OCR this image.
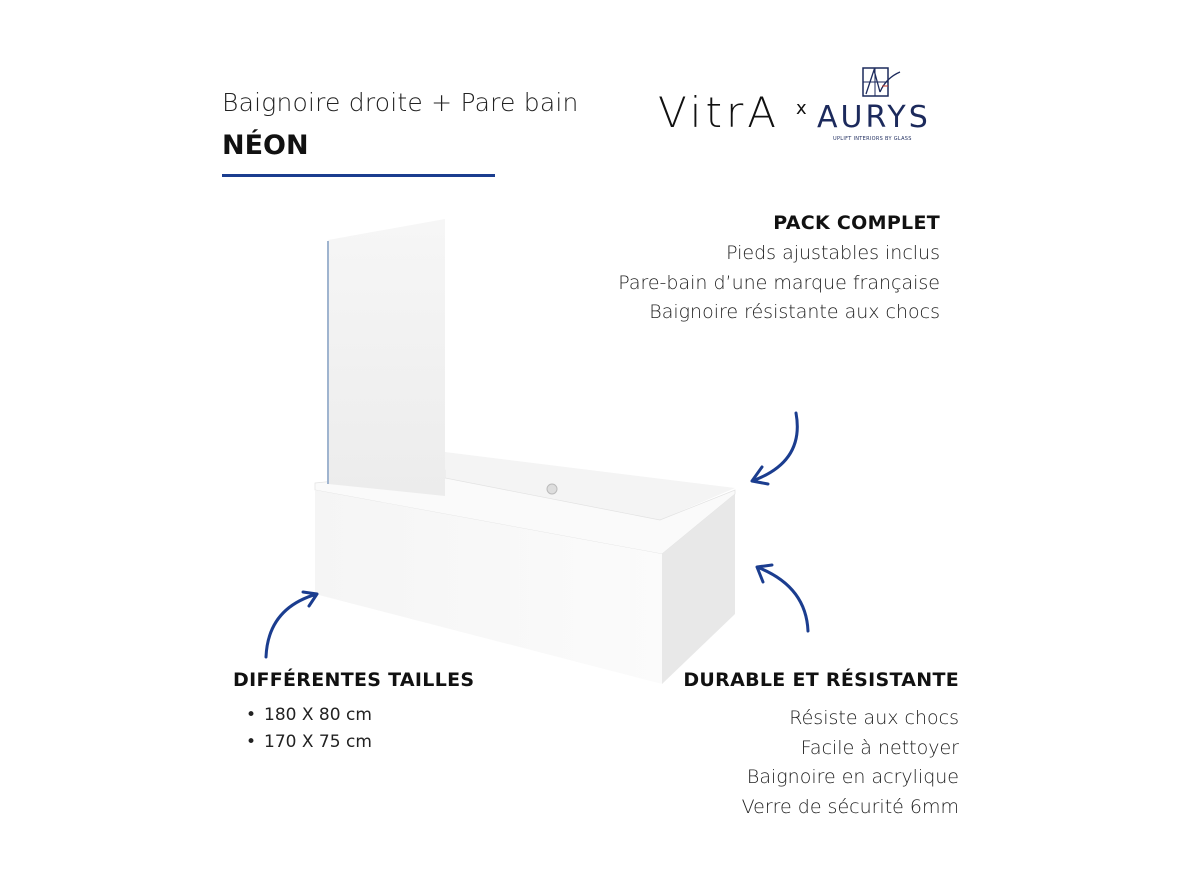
Baignoire droite + Pare bain
NÉON
VitrA x AURYS
UPLIFT INTERIORS BY GLASS
PACK COMPLET
Pieds ajustables inclus
Pare-bain d’une marque française
Baignoire résistante aux chocs
DIFFÉRENTES TAILLES
• 180 X 80 cm
• 170 X 75 cm
DURABLE ET RÉSISTANTE
Résiste aux chocs
Facile à nettoyer
Baignoire en acrylique
Verre de sécurité 6mm
